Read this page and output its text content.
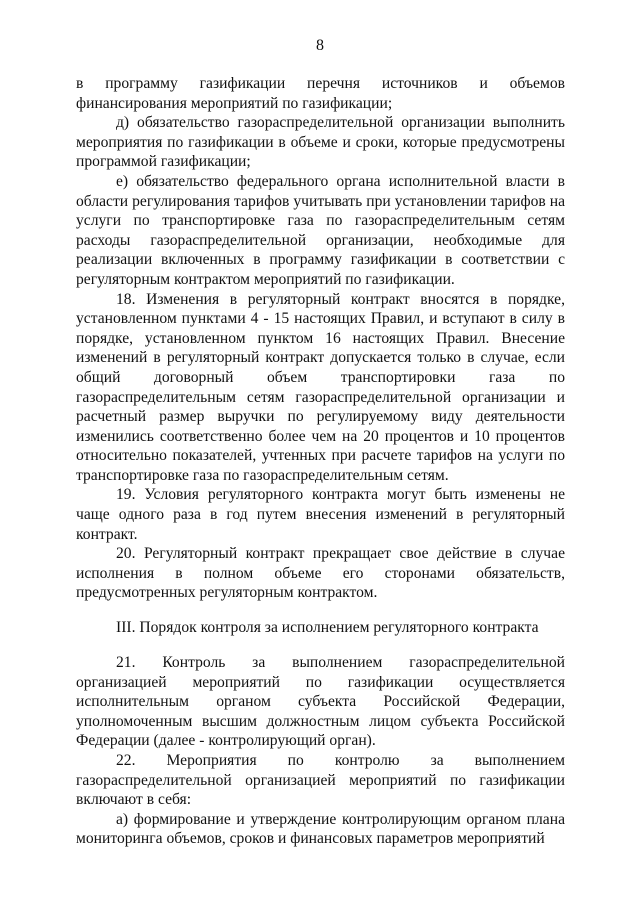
8

в программу газификации перечня источников и объемов финансирования мероприятий по газификации;

д) обязательство газораспределительной организации выполнить мероприятия по газификации в объеме и сроки, которые предусмотрены программой газификации;

е) обязательство федерального органа исполнительной власти в области регулирования тарифов учитывать при установлении тарифов на услуги по транспортировке газа по газораспределительным сетям расходы газораспределительной организации, необходимые для реализации включенных в программу газификации в соответствии с регуляторным контрактом мероприятий по газификации.

18. Изменения в регуляторный контракт вносятся в порядке, установленном пунктами 4 - 15 настоящих Правил, и вступают в силу в порядке, установленном пунктом 16 настоящих Правил. Внесение изменений в регуляторный контракт допускается только в случае, если общий договорный объем транспортировки газа по газораспределительным сетям газораспределительной организации и расчетный размер выручки по регулируемому виду деятельности изменились соответственно более чем на 20 процентов и 10 процентов относительно показателей, учтенных при расчете тарифов на услуги по транспортировке газа по газораспределительным сетям.

19. Условия регуляторного контракта могут быть изменены не чаще одного раза в год путем внесения изменений в регуляторный контракт.

20. Регуляторный контракт прекращает свое действие в случае исполнения в полном объеме его сторонами обязательств, предусмотренных регуляторным контрактом.

III. Порядок контроля за исполнением регуляторного контракта

21. Контроль за выполнением газораспределительной организацией мероприятий по газификации осуществляется исполнительным органом субъекта Российской Федерации, уполномоченным высшим должностным лицом субъекта Российской Федерации (далее - контролирующий орган).

22. Мероприятия по контролю за выполнением газораспределительной организацией мероприятий по газификации включают в себя:

а) формирование и утверждение контролирующим органом плана мониторинга объемов, сроков и финансовых параметров мероприятий
